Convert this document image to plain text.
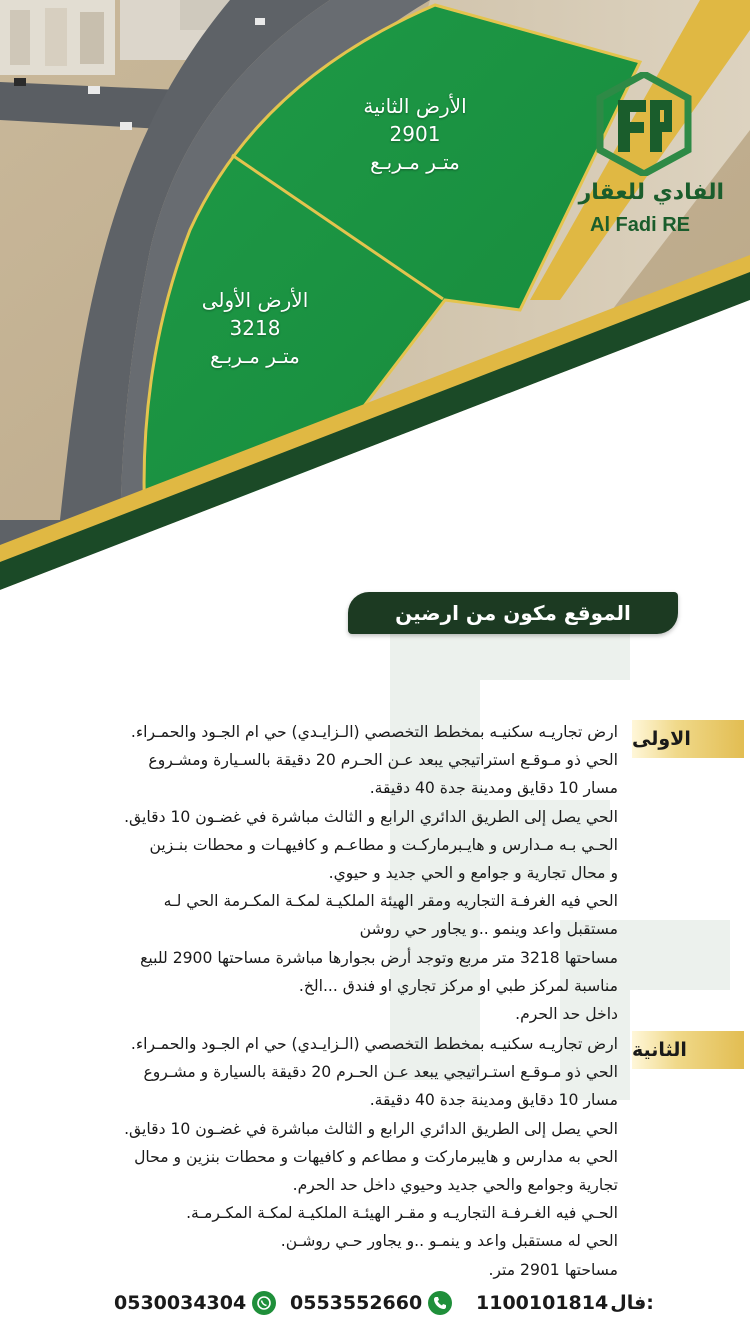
الأرض الثانية
2901
متـر مـربـع
الأرض الأولى
3218
متـر مـربـع
الفادي للعقار
Al Fadi RE
الموقع مكون من ارضين
الاولى
ارض تجاريـه سكنيـه بمخطط التخصصي (الـزايـدي) حي ام الجـود والحمـراء.
الحي ذو مـوقـع استراتيجي يبعد عـن الحـرم 20 دقيقة بالسـيارة ومشـروع
مسار 10 دقايق ومدينة جدة 40 دقيقة.
الحي يصل إلى الطريق الدائري الرابع و الثالث مباشرة في غضـون 10 دقايق.
الحـي بـه مـدارس و هايـبرماركـت و مطاعـم و كافيهـات و محطات بنـزين
و محال تجارية و جوامع و الحي جديد و حيوي.
الحي فيه الغرفـة التجاريه ومقر الهيئة الملكيـة لمكـة المكـرمة الحي لـه
مستقبل واعد وينمو ..و يجاور حي روشن
مساحتها 3218 متر مربع وتوجد أرض بجوارها مباشرة مساحتها 2900 للبيع
مناسبة لمركز طبي او مركز تجاري او فندق ...الخ.
داخل حد الحرم.
الثانية
ارض تجاريـه سكنيـه بمخطط التخصصي (الـزايـدي) حي ام الجـود والحمـراء.
الحي ذو مـوقـع استـراتيجي يبعد عـن الحـرم 20 دقيقة بالسيارة و مشـروع
مسار 10 دقايق ومدينة جدة 40 دقيقة.
الحي يصل إلى الطريق الدائري الرابع و الثالث مباشرة في غضـون 10 دقايق.
الحي به مدارس و هايبرماركت و مطاعم و كافيهات و محطات بنزين و محال
تجارية وجوامع والحي جديد وحيوي داخل حد الحرم.
الحـي فيه الغـرفـة التجاريـه و مقـر الهيئـة الملكيـة لمكـة المكـرمـة.
الحي له مستقبل واعد و ينمـو ..و يجاور حـي روشـن.
مساحتها 2901 متر.
0530034304 0553552660	1100101814 فال:
